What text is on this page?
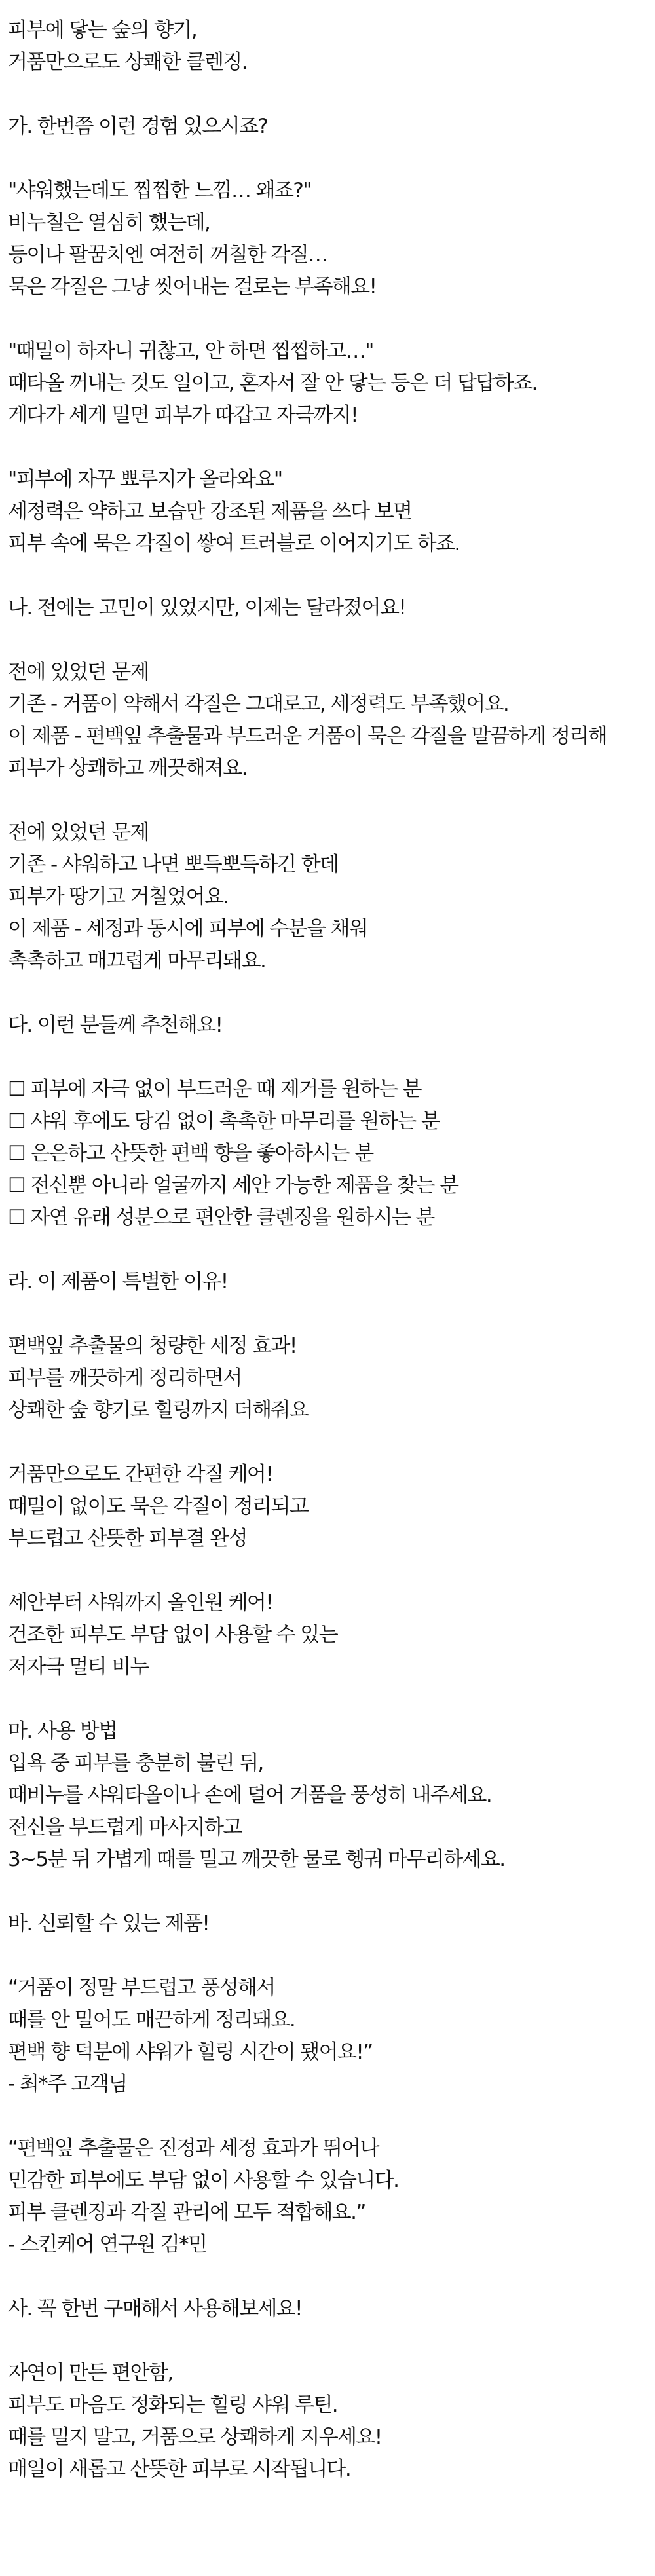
피부에 닿는 숲의 향기,
거품만으로도 상쾌한 클렌징.
가. 한번쯤 이런 경험 있으시죠?
"샤워했는데도 찝찝한 느낌… 왜죠?"
비누칠은 열심히 했는데,
등이나 팔꿈치엔 여전히 꺼칠한 각질…
묵은 각질은 그냥 씻어내는 걸로는 부족해요!
"때밀이 하자니 귀찮고, 안 하면 찝찝하고…"
때타올 꺼내는 것도 일이고, 혼자서 잘 안 닿는 등은 더 답답하죠.
게다가 세게 밀면 피부가 따갑고 자극까지!
"피부에 자꾸 뾰루지가 올라와요"
세정력은 약하고 보습만 강조된 제품을 쓰다 보면
피부 속에 묵은 각질이 쌓여 트러블로 이어지기도 하죠.
나. 전에는 고민이 있었지만, 이제는 달라졌어요!
전에 있었던 문제
기존 - 거품이 약해서 각질은 그대로고, 세정력도 부족했어요.
이 제품 - 편백잎 추출물과 부드러운 거품이 묵은 각질을 말끔하게 정리해
피부가 상쾌하고 깨끗해져요.
전에 있었던 문제
기존 - 샤워하고 나면 뽀득뽀득하긴 한데
피부가 땅기고 거칠었어요.
이 제품 - 세정과 동시에 피부에 수분을 채워
촉촉하고 매끄럽게 마무리돼요.
다. 이런 분들께 추천해요!
☐ 피부에 자극 없이 부드러운 때 제거를 원하는 분
☐ 샤워 후에도 당김 없이 촉촉한 마무리를 원하는 분
☐ 은은하고 산뜻한 편백 향을 좋아하시는 분
☐ 전신뿐 아니라 얼굴까지 세안 가능한 제품을 찾는 분
☐ 자연 유래 성분으로 편안한 클렌징을 원하시는 분
라. 이 제품이 특별한 이유!
편백잎 추출물의 청량한 세정 효과!
피부를 깨끗하게 정리하면서
상쾌한 숲 향기로 힐링까지 더해줘요
거품만으로도 간편한 각질 케어!
때밀이 없이도 묵은 각질이 정리되고
부드럽고 산뜻한 피부결 완성
세안부터 샤워까지 올인원 케어!
건조한 피부도 부담 없이 사용할 수 있는
저자극 멀티 비누
마. 사용 방법
입욕 중 피부를 충분히 불린 뒤,
때비누를 샤워타올이나 손에 덜어 거품을 풍성히 내주세요.
전신을 부드럽게 마사지하고
3~5분 뒤 가볍게 때를 밀고 깨끗한 물로 헹궈 마무리하세요.
바. 신뢰할 수 있는 제품!
“거품이 정말 부드럽고 풍성해서
때를 안 밀어도 매끈하게 정리돼요.
편백 향 덕분에 샤워가 힐링 시간이 됐어요!”
- 최*주 고객님
“편백잎 추출물은 진정과 세정 효과가 뛰어나
민감한 피부에도 부담 없이 사용할 수 있습니다.
피부 클렌징과 각질 관리에 모두 적합해요.”
- 스킨케어 연구원 김*민
사. 꼭 한번 구매해서 사용해보세요!
자연이 만든 편안함,
피부도 마음도 정화되는 힐링 샤워 루틴.
때를 밀지 말고, 거품으로 상쾌하게 지우세요!
매일이 새롭고 산뜻한 피부로 시작됩니다.
